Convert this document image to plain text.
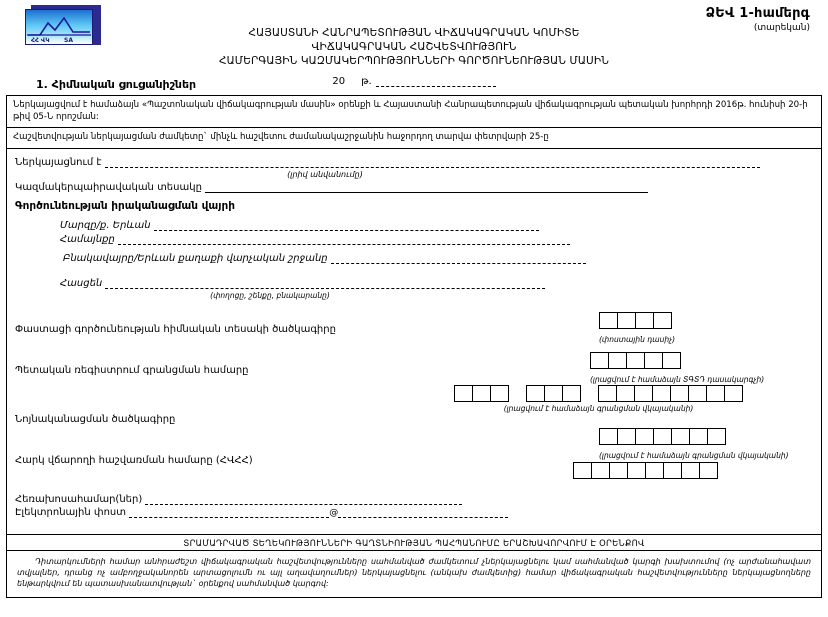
ՀՀ ՎԿ SA
ՁԵՎ 1-համերգ
(տարեկան)
ՀԱՅԱՍՏԱՆԻ ՀԱՆՐԱՊԵՏՈՒԹՅԱՆ ՎԻՃԱԿԱԳՐԱԿԱՆ ԿՈՄԻՏԵ
ՎԻՃԱԿԱԳՐԱԿԱՆ ՀԱՇՎԵՏՎՈՒԹՅՈՒՆ
ՀԱՄԵՐԳԱՅԻՆ ԿԱԶՄԱԿԵՐՊՈՒԹՅՈՒՆՆԵՐԻ ԳՈՐԾՈՒՆԵՈՒԹՅԱՆ ՄԱՍԻՆ
20 թ.
1. Հիմնական ցուցանիշներ
Ներկայացվում է համաձայն «Պաշտոնական վիճակագրության մասին» օրենքի և Հայաստանի Հանրապետության վիճակագրության պետական խորհրդի 2016թ. հունիսի 20-ի թիվ 05-Ն որոշման:
Հաշվետվության ներկայացման ժամկետը` մինչև հաշվետու ժամանակաշրջանին հաջորդող տարվա փետրվարի 25-ը
Ներկայացնում է
(լրիվ անվանումը)
Կազմակերպաիրավական տեսակը
Գործունեության իրականացման վայրի
Մարզը/ք. Երևան
Համայնքը
Բնակավայրը/Երևան քաղաքի վարչական շրջանը
Հասցեն
(փողոցը, շենքը, բնակարանը)
(փոստային դասիչ)
Փաստացի գործունեության հիմնական տեսակի ծածկագիրը
(լրացվում է համաձայն ՏԳՏԴ դասակարգչի)
Պետական ռեգիստրում գրանցման համարը
(լրացվում է համաձայն գրանցման վկայականի)
Նոյնականացման ծածկագիրը
(լրացվում է համաձայն գրանցման վկայականի)
Հարկ վճարողի հաշվառման համարը (ՀՎՀՀ)
Հեռախոսահամար(ներ)
Էլեկտրոնային փոստ	@
ՏՐԱՄԱԴՐՎԱԾ ՏԵՂԵԿՈՒԹՅՈՒՆՆԵՐԻ ԳԱՂՏՆԻՈՒԹՅԱՆ ՊԱՀՊԱՆՈՒՄԸ ԵՐԱՇԽԱՎՈՐՎՈՒՄ Է ՕՐԵՆՔՈՎ

Դիտարկումների համար անհրաժեշտ վիճակագրական հաշվետվությունները սահմանված ժամկետում չներկայացնելու կամ սահմանված կարգի խախտումով (ոչ արժանահավատ տվյալներ, դրանց ոչ ամբողջականորեն արտացոլումն ու այլ աղավաղումներ) ներկայացնելու (անկախ ժամկետից) համար վիճակագրական հաշվետվությունները ներկայացնողները ենթարկվում են պատասխանատվության` օրենքով սահմանված կարգով:
